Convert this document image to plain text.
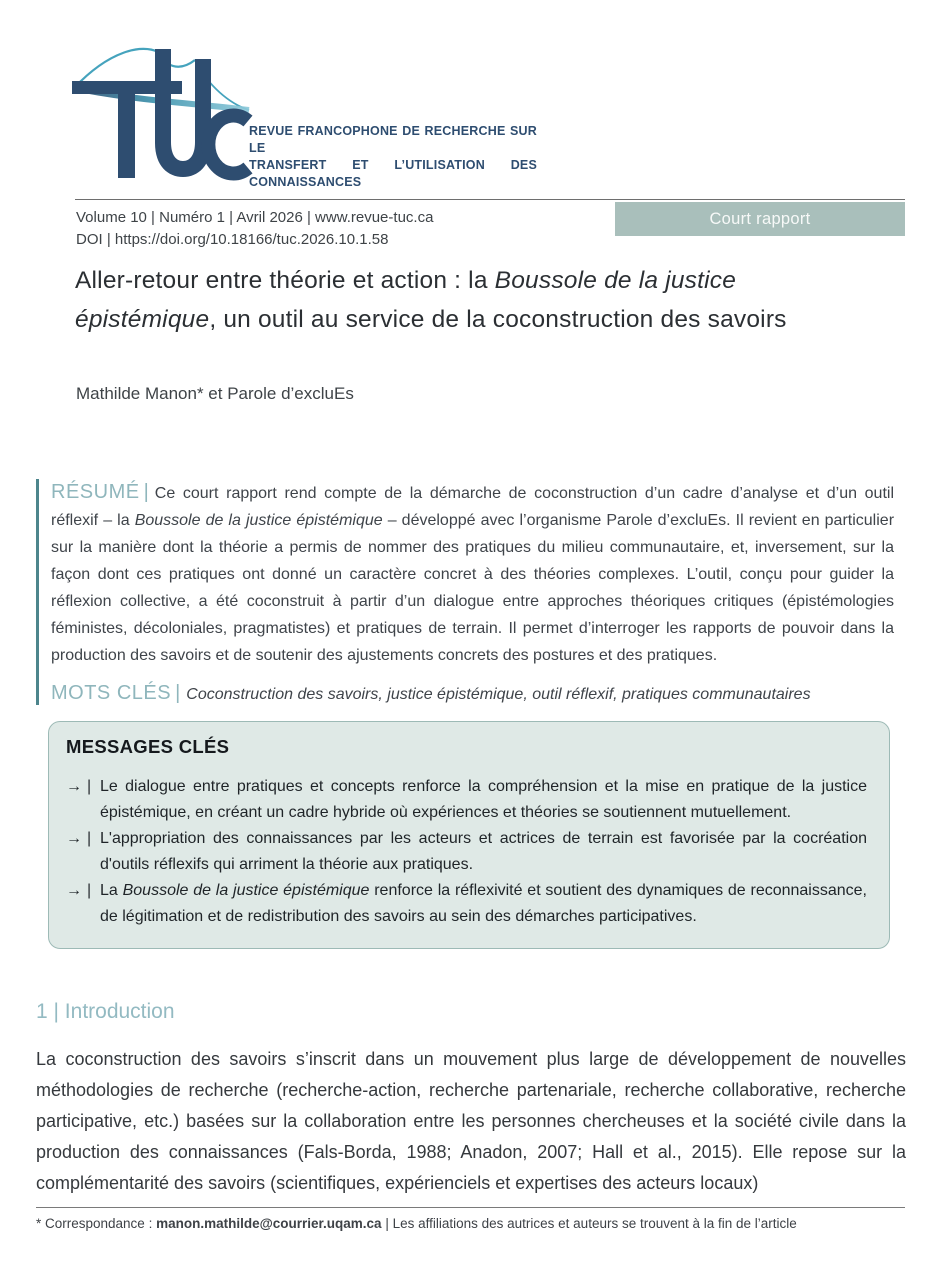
REVUE FRANCOPHONE DE RECHERCHE SUR LE
TRANSFERT ET L’UTILISATION DES CONNAISSANCES
Volume 10 | Numéro 1 | Avril 2026 | www.revue-tuc.ca
DOI | https://doi.org/10.18166/tuc.2026.10.1.58
Court rapport
Aller-retour entre théorie et action : la Boussole de la justice épistémique, un outil au service de la coconstruction des savoirs
Mathilde Manon* et Parole d’excluEs
RÉSUMÉ | Ce court rapport rend compte de la démarche de coconstruction d’un cadre d’analyse et d’un outil réflexif – la Boussole de la justice épistémique – développé avec l’organisme Parole d’excluEs. Il revient en particulier sur la manière dont la théorie a permis de nommer des pratiques du milieu communautaire, et, inversement, sur la façon dont ces pratiques ont donné un caractère concret à des théories complexes. L’outil, conçu pour guider la réflexion collective, a été coconstruit à partir d’un dialogue entre approches théoriques critiques (épistémologies féministes, décoloniales, pragmatistes) et pratiques de terrain. Il permet d’interroger les rapports de pouvoir dans la production des savoirs et de soutenir des ajustements concrets des postures et des pratiques.
MOTS CLÉS | Coconstruction des savoirs, justice épistémique, outil réflexif, pratiques communautaires
MESSAGES CLÉS
→ | Le dialogue entre pratiques et concepts renforce la compréhension et la mise en pratique de la justice épistémique, en créant un cadre hybride où expériences et théories se soutiennent mutuellement.
→ | L'appropriation des connaissances par les acteurs et actrices de terrain est favorisée par la cocréation d'outils réflexifs qui arriment la théorie aux pratiques.
→ | La Boussole de la justice épistémique renforce la réflexivité et soutient des dynamiques de reconnaissance, de légitimation et de redistribution des savoirs au sein des démarches participatives.
1 | Introduction

La coconstruction des savoirs s’inscrit dans un mouvement plus large de développement de nouvelles méthodologies de recherche (recherche-action, recherche partenariale, recherche collaborative, recherche participative, etc.) basées sur la collaboration entre les personnes chercheuses et la société civile dans la production des connaissances (Fals-Borda, 1988; Anadon, 2007; Hall et al., 2015). Elle repose sur la complémentarité des savoirs (scientifiques, expérienciels et expertises des acteurs locaux)

* Correspondance : manon.mathilde@courrier.uqam.ca | Les affiliations des autrices et auteurs se trouvent à la fin de l’article
